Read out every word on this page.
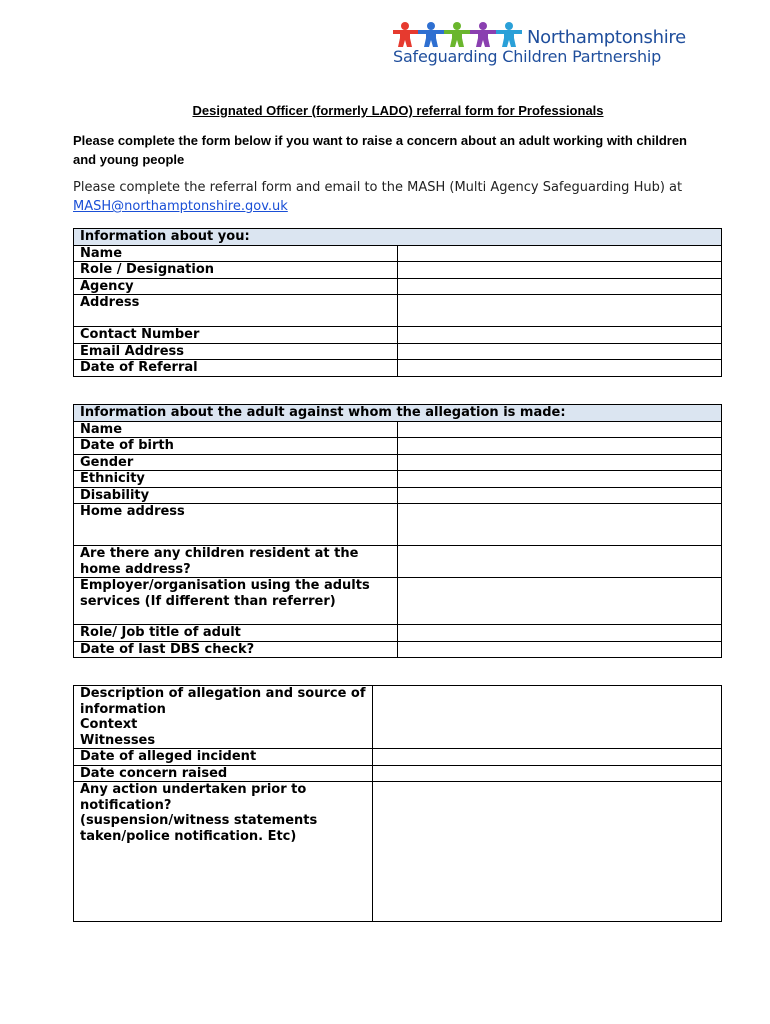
Northamptonshire
Safeguarding Children Partnership
Designated Officer (formerly LADO) referral form for Professionals
Please complete the form below if you want to raise a concern about an adult working with children and young people
Please complete the referral form and email to the MASH (Multi Agency Safeguarding Hub) at MASH@northamptonshire.gov.uk
Information about you:	
Name	
Role / Designation	
Agency	
Address	
Contact Number	
Email Address	
Date of Referral	
Information about the adult against whom the allegation is made:	
Name	
Date of birth	
Gender	
Ethnicity	
Disability	
Home address	
Are there any children resident at the home address?	
Employer/organisation using the adults services (If different than referrer)	
Role/ Job title of adult	
Date of last DBS check?	
Description of allegation and source of information
Context
Witnesses	
Date of alleged incident	
Date concern raised	
Any action undertaken prior to notification?
(suspension/witness statements taken/police notification. Etc)	
